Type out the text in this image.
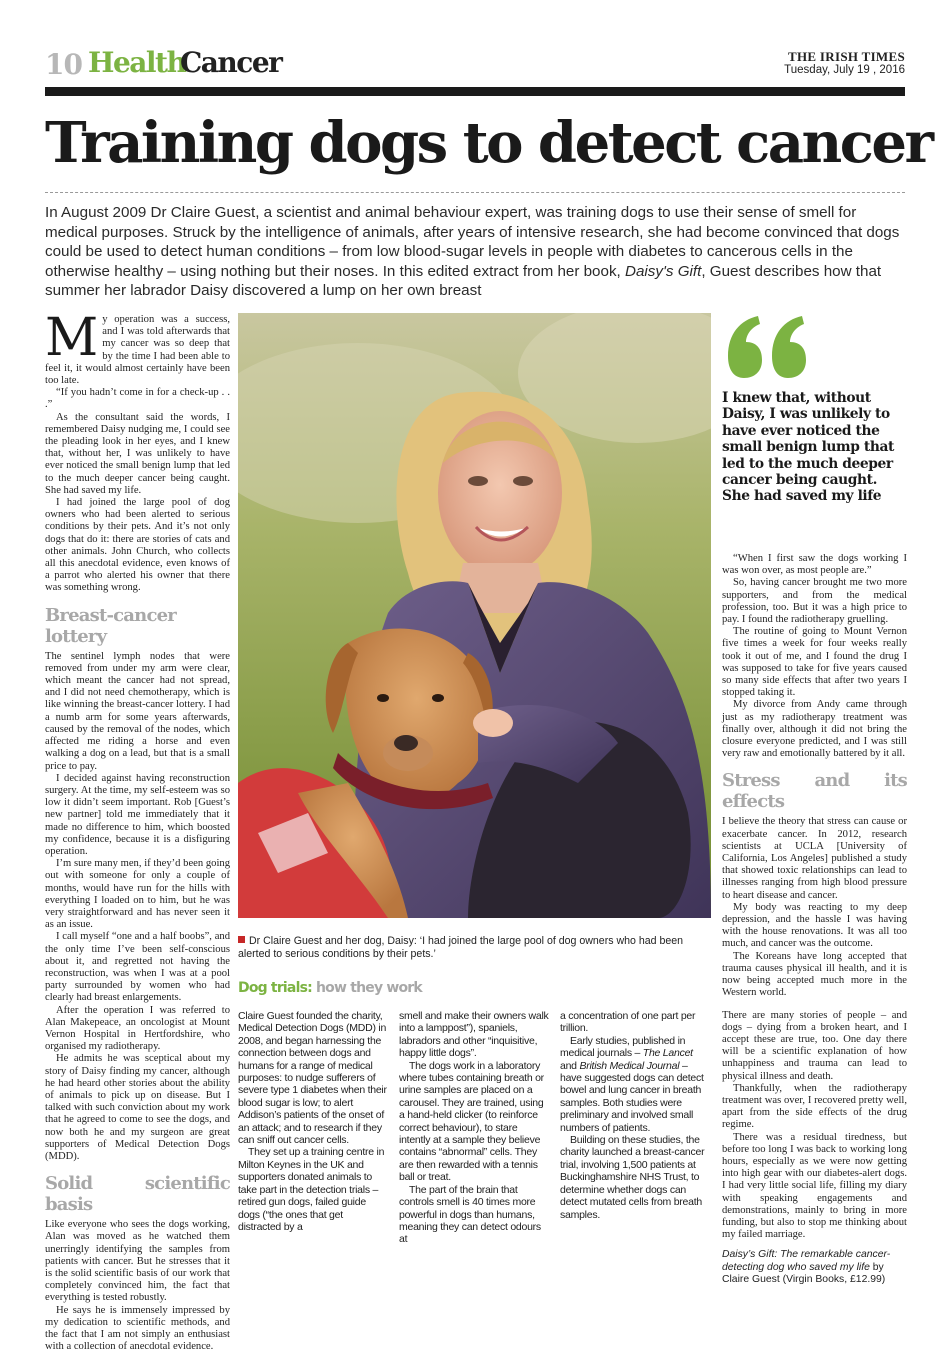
10 Health
Cancer	THE IRISH TIMES
Tuesday, July 19 , 2016
Training dogs to detect cancer
In August 2009 Dr Claire Guest, a scientist and animal behaviour expert, was training dogs to use their sense of smell for medical purposes. Struck by the intelligence of animals, after years of intensive research, she had become convinced that dogs could be used to detect human conditions – from low blood-sugar levels in people with diabetes to cancerous cells in the otherwise healthy – using nothing but their noses. In this edited extract from her book, Daisy's Gift, Guest describes how that summer her labrador Daisy discovered a lump on her own breast

My operation was a success, and I was told afterwards that my cancer was so deep that by the time I had been able to feel it, it would almost certainly have been too late.

“If you hadn’t come in for a check-up . . .”

As the consultant said the words, I remembered Daisy nudging me, I could see the pleading look in her eyes, and I knew that, without her, I was unlikely to have ever noticed the small benign lump that led to the much deeper cancer being caught. She had saved my life.

I had joined the large pool of dog owners who had been alerted to serious conditions by their pets. And it’s not only dogs that do it: there are stories of cats and other animals. John Church, who collects all this anecdotal evidence, even knows of a parrot who alerted his owner that there was something wrong.

Breast-cancer lottery

The sentinel lymph nodes that were removed from under my arm were clear, which meant the cancer had not spread, and I did not need chemotherapy, which is like winning the breast-cancer lottery. I had a numb arm for some years afterwards, caused by the removal of the nodes, which affected me riding a horse and even walking a dog on a lead, but that is a small price to pay.

I decided against having reconstruction surgery. At the time, my self-esteem was so low it didn’t seem important. Rob [Guest’s new partner] told me immediately that it made no difference to him, which boosted my confidence, because it is a disfiguring operation.

I’m sure many men, if they’d been going out with someone for only a couple of months, would have run for the hills with everything I loaded on to him, but he was very straightforward and has never seen it as an issue.

I call myself “one and a half boobs”, and the only time I’ve been self-conscious about it, and regretted not having the reconstruction, was when I was at a pool party surrounded by women who had clearly had breast enlargements.

After the operation I was referred to Alan Makepeace, an oncologist at Mount Vernon Hospital in Hertfordshire, who organised my radiotherapy.

He admits he was sceptical about my story of Daisy finding my cancer, although he had heard other stories about the ability of animals to pick up on disease. But I talked with such conviction about my work that he agreed to come to see the dogs, and now both he and my surgeon are great supporters of Medical Detection Dogs (MDD).

Solid scientific basis

Like everyone who sees the dogs working, Alan was moved as he watched them unerringly identifying the samples from patients with cancer. But he stresses that it is the solid scientific basis of our work that completely convinced him, the fact that everything is tested robustly.

He says he is immensely impressed by my dedication to scientific methods, and the fact that I am not simply an enthusiast with a collection of anecdotal evidence.

Dr Claire Guest and her dog, Daisy: ‘I had joined the large pool of dog owners who had been alerted to serious conditions by their pets.’
Dog trials: how they work

Claire Guest founded the charity, Medical Detection Dogs (MDD) in 2008, and began harnessing the connection between dogs and humans for a range of medical purposes: to nudge sufferers of severe type 1 diabetes when their blood sugar is low; to alert Addison’s patients of the onset of an attack; and to research if they can sniff out cancer cells.

They set up a training centre in Milton Keynes in the UK and supporters donated animals to take part in the detection trials – retired gun dogs, failed guide dogs (“the ones that get distracted by a

smell and make their owners walk into a lamppost”), spaniels, labradors and other “inquisitive, happy little dogs”.

The dogs work in a laboratory where tubes containing breath or urine samples are placed on a carousel. They are trained, using a hand-held clicker (to reinforce correct behaviour), to stare intently at a sample they believe contains “abnormal” cells. They are then rewarded with a tennis ball or treat.

The part of the brain that controls smell is 40 times more powerful in dogs than humans, meaning they can detect odours at

a concentration of one part per trillion.

Early studies, published in medical journals – The Lancet and British Medical Journal – have suggested dogs can detect bowel and lung cancer in breath samples. Both studies were preliminary and involved small numbers of patients.

Building on these studies, the charity launched a breast-cancer trial, involving 1,500 patients at Buckinghamshire NHS Trust, to determine whether dogs can detect mutated cells from breath samples.

I knew that, without Daisy, I was unlikely to have ever noticed the small benign lump that led to the much deeper cancer being caught. She had saved my life

“When I first saw the dogs working I was won over, as most people are.”

So, having cancer brought me two more supporters, and from the medical profession, too. But it was a high price to pay. I found the radiotherapy gruelling.

The routine of going to Mount Vernon five times a week for four weeks really took it out of me, and I found the drug I was supposed to take for five years caused so many side effects that after two years I stopped taking it.

My divorce from Andy came through just as my radiotherapy treatment was finally over, although it did not bring the closure everyone predicted, and I was still very raw and emotionally battered by it all.

Stress and its effects

I believe the theory that stress can cause or exacerbate cancer. In 2012, research scientists at UCLA [University of California, Los Angeles] published a study that showed toxic relationships can lead to illnesses ranging from high blood pressure to heart disease and cancer.

My body was reacting to my deep depression, and the hassle I was having with the house renovations. It was all too much, and cancer was the outcome.

The Koreans have long accepted that trauma causes physical ill health, and it is now being accepted much more in the Western world.

There are many stories of people – and dogs – dying from a broken heart, and I accept these are true, too. One day there will be a scientific explanation of how unhappiness and trauma can lead to physical illness and death.

Thankfully, when the radiotherapy treatment was over, I recovered pretty well, apart from the side effects of the drug regime.

There was a residual tiredness, but before too long I was back to working long hours, especially as we were now getting into high gear with our diabetes-alert dogs. I had very little social life, filling my diary with speaking engagements and demonstrations, mainly to bring in more funding, but also to stop me thinking about my failed marriage.

Daisy’s Gift: The remarkable cancer-detecting dog who saved my life by Claire Guest (Virgin Books, £12.99)
